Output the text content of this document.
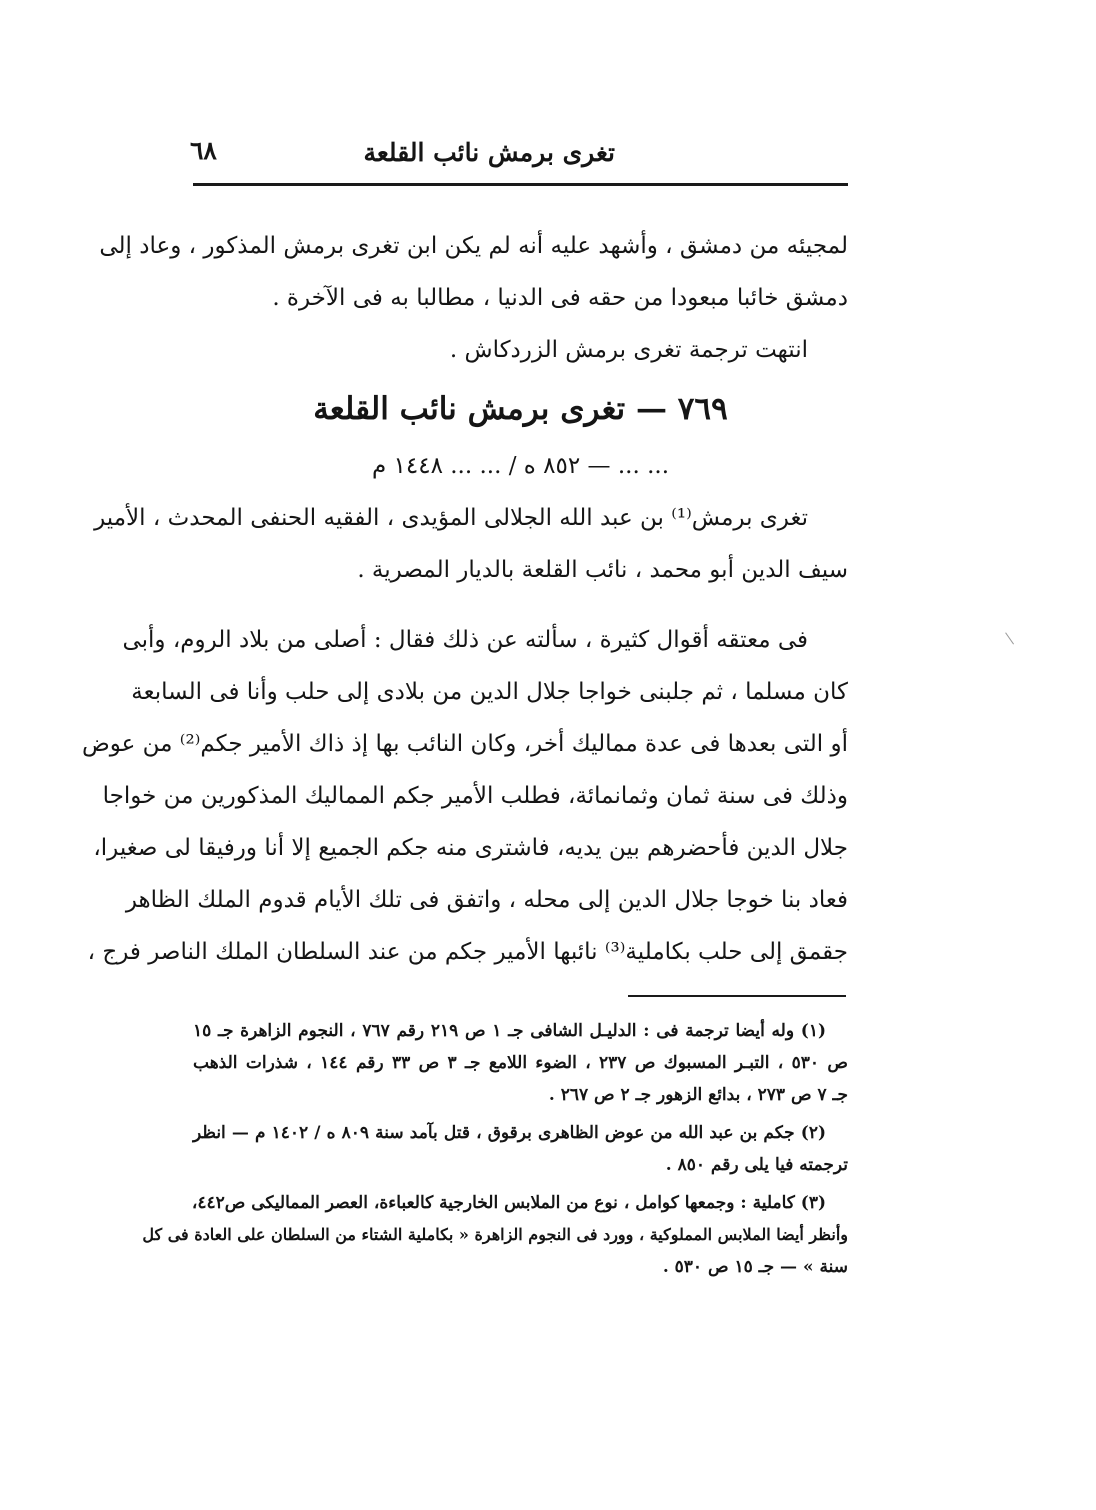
تغرى برمش نائب القلعة
٦٨
لمجيئه من دمشق ، وأشهد عليه أنه لم يكن ابن تغرى برمش المذكور ، وعاد إلى
دمشق خائبا مبعودا من حقه فى الدنيا ، مطالبا به فى الآخرة .
انتهت ترجمة تغرى برمش الزردكاش .
٧٦٩ — تغرى برمش نائب القلعة
... ... — ٨٥٢ ه / ... ... ١٤٤٨ م
تغرى برمش⁽¹⁾ بن عبد الله الجلالى المؤيدى ، الفقيه الحنفى المحدث ، الأمير
سيف الدين أبو محمد ، نائب القلعة بالديار المصرية .
فى معتقه أقوال كثيرة ، سألته عن ذلك فقال : أصلى من بلاد الروم، وأبى
كان مسلما ، ثم جلبنى خواجا جلال الدين من بلادى إلى حلب وأنا فى السابعة
أو التى بعدها فى عدة مماليك أخر، وكان النائب بها إذ ذاك الأمير جكم⁽²⁾ من عوض
وذلك فى سنة ثمان وثمانمائة، فطلب الأمير جكم المماليك المذكورين من خواجا
جلال الدين فأحضرهم بين يديه، فاشترى منه جكم الجميع إلا أنا ورفيقا لى صغيرا،
فعاد بنا خوجا جلال الدين إلى محله ، واتفق فى تلك الأيام قدوم الملك الظاهر
جقمق إلى حلب بكاملية⁽³⁾ نائبها الأمير جكم من عند السلطان الملك الناصر فرج ،
(١) وله أيضا ترجمة فى : الدليـل الشافى جـ ١ ص ٢١٩ رقم ٧٦٧ ، النجوم الزاهرة جـ ١٥
ص ٥٣٠ ، التبـر المسبوك ص ٢٣٧ ، الضوء اللامع جـ ٣ ص ٣٣ رقم ١٤٤ ، شذرات الذهب
جـ ٧ ص ٢٧٣ ، بدائع الزهور جـ ٢ ص ٢٦٧ .
(٢) جكم بن عبد الله من عوض الظاهرى برقوق ، قتل بآمد سنة ٨٠٩ ه / ١٤٠٢ م — انظر
ترجمته فيا يلى رقم ٨٥٠ .
(٣) كاملية : وجمعها كوامل ، نوع من الملابس الخارجية كالعباءة، العصر المماليكى ص٤٤٢،
وأنظر أيضا الملابس المملوكية ، وورد فى النجوم الزاهرة « بكاملية الشتاء من السلطان على العادة فى كل
سنة » — جـ ١٥ ص ٥٣٠ .
